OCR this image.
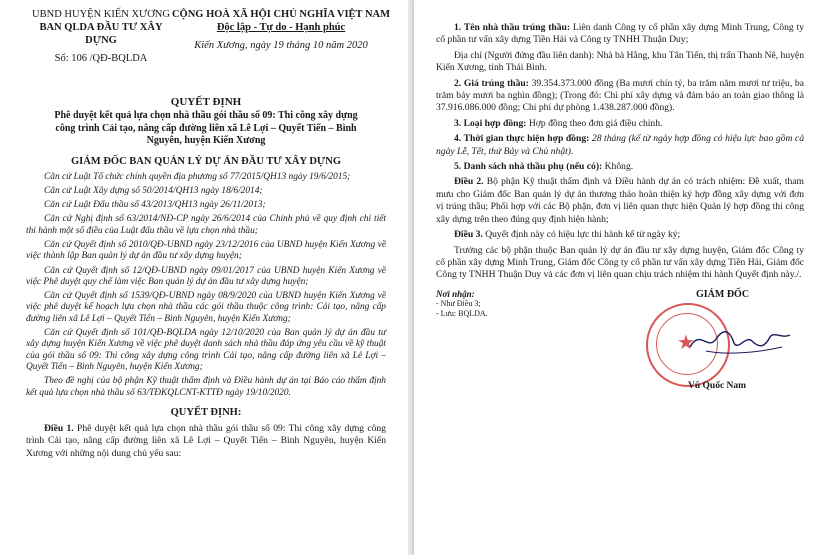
UBND HUYỆN KIẾN XƯƠNG

BAN QLDA ĐẦU TƯ XÂY DỰNG

Số: 106 /QĐ-BQLDA

CỘNG HOÀ XÃ HỘI CHỦ NGHĨA VIỆT NAM

Độc lập - Tự do - Hạnh phúc

Kiến Xương, ngày 19 tháng 10 năm 2020

QUYẾT ĐỊNH

Phê duyệt kết quả lựa chọn nhà thầu gói thầu số 09: Thi công xây dựng công trình Cải tạo, nâng cấp đường liên xã Lê Lợi – Quyết Tiến – Bình Nguyên, huyện Kiến Xương

GIÁM ĐỐC BAN QUẢN LÝ DỰ ÁN ĐẦU TƯ XÂY DỰNG

Căn cứ Luật Tổ chức chính quyền địa phương số 77/2015/QH13 ngày 19/6/2015;

Căn cứ Luật Xây dựng số 50/2014/QH13 ngày 18/6/2014;

Căn cứ Luật Đấu thầu số 43/2013/QH13 ngày 26/11/2013;

Căn cứ Nghị định số 63/2014/NĐ-CP ngày 26/6/2014 của Chính phủ về quy định chi tiết thi hành một số điều của Luật đấu thầu về lựa chọn nhà thầu;

Căn cứ Quyết định số 2010/QĐ-UBND ngày 23/12/2016 của UBND huyện Kiến Xương về việc thành lập Ban quản lý dự án đầu tư xây dựng huyện;

Căn cứ Quyết định số 12/QĐ-UBND ngày 09/01/2017 của UBND huyện Kiến Xương về việc Phê duyệt quy chế làm việc Ban quản lý dự án đầu tư xây dựng huyện;

Căn cứ Quyết định số 1539/QĐ-UBND ngày 08/9/2020 của UBND huyện Kiến Xương về việc phê duyệt kế hoạch lựa chọn nhà thầu các gói thầu thuộc công trình: Cải tạo, nâng cấp đường liên xã Lê Lợi – Quyết Tiến – Bình Nguyên, huyện Kiến Xương;

Căn cứ Quyết định số 101/QĐ-BQLDA ngày 12/10/2020 của Ban quản lý dự án đầu tư xây dựng huyện Kiến Xương về việc phê duyệt danh sách nhà thầu đáp ứng yêu cầu về kỹ thuật của gói thầu số 09: Thi công xây dựng công trình Cải tạo, nâng cấp đường liên xã Lê Lợi – Quyết Tiến – Bình Nguyên, huyện Kiến Xương;

Theo đề nghị của bộ phận Kỹ thuật thẩm định và Điều hành dự án tại Báo cáo thẩm định kết quả lựa chọn nhà thầu số 63/TĐKQLCNT-KTTĐ ngày 19/10/2020.

QUYẾT ĐỊNH:

Điều 1. Phê duyệt kết quả lựa chọn nhà thầu gói thầu số 09: Thi công xây dựng công trình Cải tạo, nâng cấp đường liên xã Lê Lợi – Quyết Tiến – Bình Nguyên, huyện Kiến Xương với những nội dung chủ yếu sau:

1. Tên nhà thầu trúng thầu: Liên danh Công ty cổ phần xây dựng Minh Trung, Công ty cổ phần tư vấn xây dựng Tiền Hải và Công ty TNHH Thuận Duy;

Địa chỉ (Người đứng đầu liên danh): Nhà bà Hằng, khu Tân Tiến, thị trấn Thanh Nê, huyện Kiến Xương, tỉnh Thái Bình.

2. Giá trúng thầu: 39.354.373.000 đồng (Ba mươi chín tỷ, ba trăm năm mươi tư triệu, ba trăm bảy mươi ba nghìn đồng); (Trong đó: Chi phí xây dựng và đảm bảo an toàn giao thông là 37.916.086.000 đồng; Chi phí dự phòng 1.438.287.000 đồng).

3. Loại hợp đồng: Hợp đồng theo đơn giá điều chỉnh.

4. Thời gian thực hiện hợp đồng: 28 tháng (kể từ ngày hợp đồng có hiệu lực bao gồm cả ngày Lễ, Tết, thứ Bảy và Chủ nhật).

5. Danh sách nhà thầu phụ (nếu có): Không.

Điều 2. Bộ phận Kỹ thuật thẩm định và Điều hành dự án có trách nhiệm: Đề xuất, tham mưu cho Giám đốc Ban quản lý dự án thương thảo hoàn thiện ký hợp đồng xây dựng với đơn vị trúng thầu; Phối hợp với các Bộ phận, đơn vị liên quan thực hiện Quản lý hợp đồng thi công xây dựng trên theo đúng quy định hiện hành;

Điều 3. Quyết định này có hiệu lực thi hành kể từ ngày ký;

Trưởng các bộ phận thuộc Ban quản lý dự án đầu tư xây dựng huyện, Giám đốc Công ty cổ phần xây dựng Minh Trung, Giám đốc Công ty cổ phần tư vấn xây dựng Tiền Hải, Giám đốc Công ty TNHH Thuận Duy và các đơn vị liên quan chịu trách nhiệm thi hành Quyết định này./.

Nơi nhận:

- Như Điều 3;

- Lưu: BQLDA.

GIÁM ĐỐC

★

Vũ Quốc Nam
